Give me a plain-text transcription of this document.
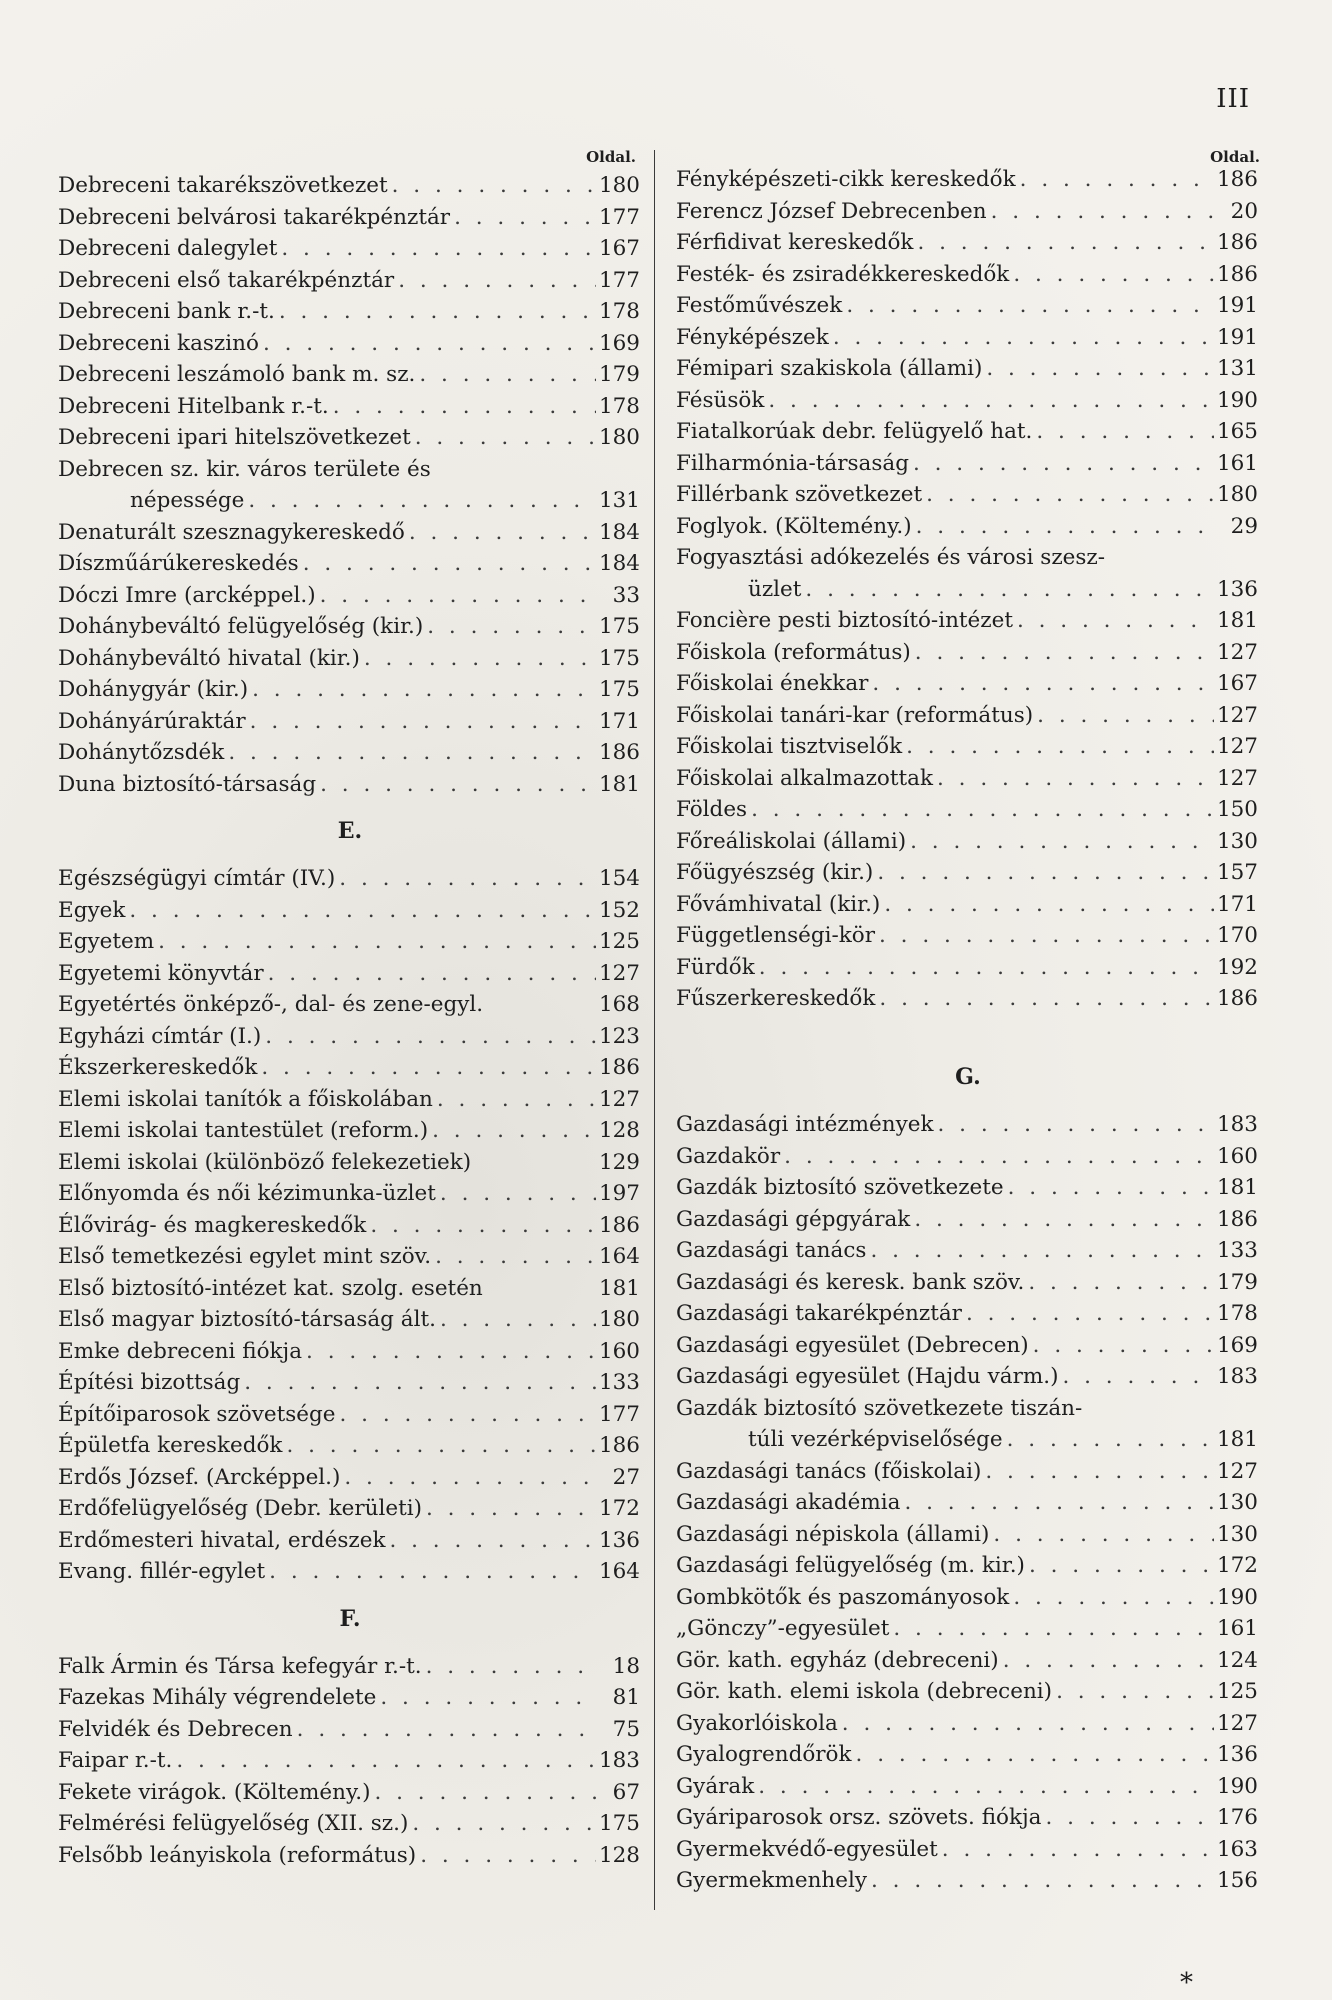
III
Oldal.
Debreceni takarékszövetkezet . . .	180
Debreceni belvárosi takarékpénztár . . .	177
Debreceni dalegylet . . .	167
Debreceni első takarékpénztár . . .	177
Debreceni bank r.-t. . . .	178
Debreceni kaszinó . . .	169
Debreceni leszámoló bank m. sz. . . .	179
Debreceni Hitelbank r.-t. . . .	178
Debreceni ipari hitelszövetkezet . . .	180
Debrecen sz. kir. város területe és
népessége . . .	131
Denaturált szesznagykereskedő . . .	184
Díszműárúkereskedés . . .	184
Dóczi Imre (arcképpel.) . . .	33
Dohánybeváltó felügyelőség (kir.) . . .	175
Dohánybeváltó hivatal (kir.) . . .	175
Dohánygyár (kir.) . . .	175
Dohányárúraktár . . .	171
Dohánytőzsdék . . .	186
Duna biztosító-társaság . . .	181
E.
Egészségügyi címtár (IV.) . . .	154
Egyek . . .	152
Egyetem . . .	125
Egyetemi könyvtár . . .	127
Egyetértés önképző-, dal- és zene-egyl.	168
Egyházi címtár (I.) . . .	123
Ékszerkereskedők . . .	186
Elemi iskolai tanítók a főiskolában . . .	127
Elemi iskolai tantestület (reform.) . . .	128
Elemi iskolai (különböző felekezetiek)	129
Előnyomda és női kézimunka-üzlet . . .	197
Élővirág- és magkereskedők . . .	186
Első temetkezési egylet mint szöv. . . .	164
Első biztosító-intézet kat. szolg. esetén	181
Első magyar biztosító-társaság ált. . . .	180
Emke debreceni fiókja . . .	160
Építési bizottság . . .	133
Építőiparosok szövetsége . . .	177
Épületfa kereskedők . . .	186
Erdős József. (Arcképpel.) . . .	27
Erdőfelügyelőség (Debr. kerületi) . . .	172
Erdőmesteri hivatal, erdészek . . .	136
Evang. fillér-egylet . . .	164
F.
Falk Ármin és Társa kefegyár r.-t. . . .	18
Fazekas Mihály végrendelete . . .	81
Felvidék és Debrecen . . .	75
Faipar r.-t. . . .	183
Fekete virágok. (Költemény.) . . .	67
Felmérési felügyelőség (XII. sz.) . . .	175
Felsőbb leányiskola (református) . . .	128
Oldal.
Fényképészeti-cikk kereskedők . . .	186
Ferencz József Debrecenben . . .	20
Férfidivat kereskedők . . .	186
Festék- és zsiradékkereskedők . . .	186
Festőművészek . . .	191
Fényképészek . . .	191
Fémipari szakiskola (állami) . . .	131
Fésüsök . . .	190
Fiatalkorúak debr. felügyelő hat. . . .	165
Filharmónia-társaság . . .	161
Fillérbank szövetkezet . . .	180
Foglyok. (Költemény.) . . .	29
Fogyasztási adókezelés és városi szesz-
üzlet . . .	136
Foncière pesti biztosító-intézet . . .	181
Főiskola (református) . . .	127
Főiskolai énekkar . . .	167
Főiskolai tanári-kar (református) . . .	127
Főiskolai tisztviselők . . .	127
Főiskolai alkalmazottak . . .	127
Földes . . .	150
Főreáliskolai (állami) . . .	130
Főügyészség (kir.) . . .	157
Fővámhivatal (kir.) . . .	171
Függetlenségi-kör . . .	170
Fürdők . . .	192
Fűszerkereskedők . . .	186
G.
Gazdasági intézmények . . .	183
Gazdakör . . .	160
Gazdák biztosító szövetkezete . . .	181
Gazdasági gépgyárak . . .	186
Gazdasági tanács . . .	133
Gazdasági és keresk. bank szöv. . . .	179
Gazdasági takarékpénztár . . .	178
Gazdasági egyesület (Debrecen) . . .	169
Gazdasági egyesület (Hajdu várm.) . . .	183
Gazdák biztosító szövetkezete tiszán-
túli vezérképviselősége . . .	181
Gazdasági tanács (főiskolai) . . .	127
Gazdasági akadémia . . .	130
Gazdasági népiskola (állami) . . .	130
Gazdasági felügyelőség (m. kir.) . . .	172
Gombkötők és paszományosok . . .	190
„Gönczy”-egyesület . . .	161
Gör. kath. egyház (debreceni) . . .	124
Gör. kath. elemi iskola (debreceni) . . .	125
Gyakorlóiskola . . .	127
Gyalogrendőrök . . .	136
Gyárak . . .	190
Gyáriparosok orsz. szövets. fiókja . . .	176
Gyermekvédő-egyesület . . .	163
Gyermekmenhely . . .	156
*
